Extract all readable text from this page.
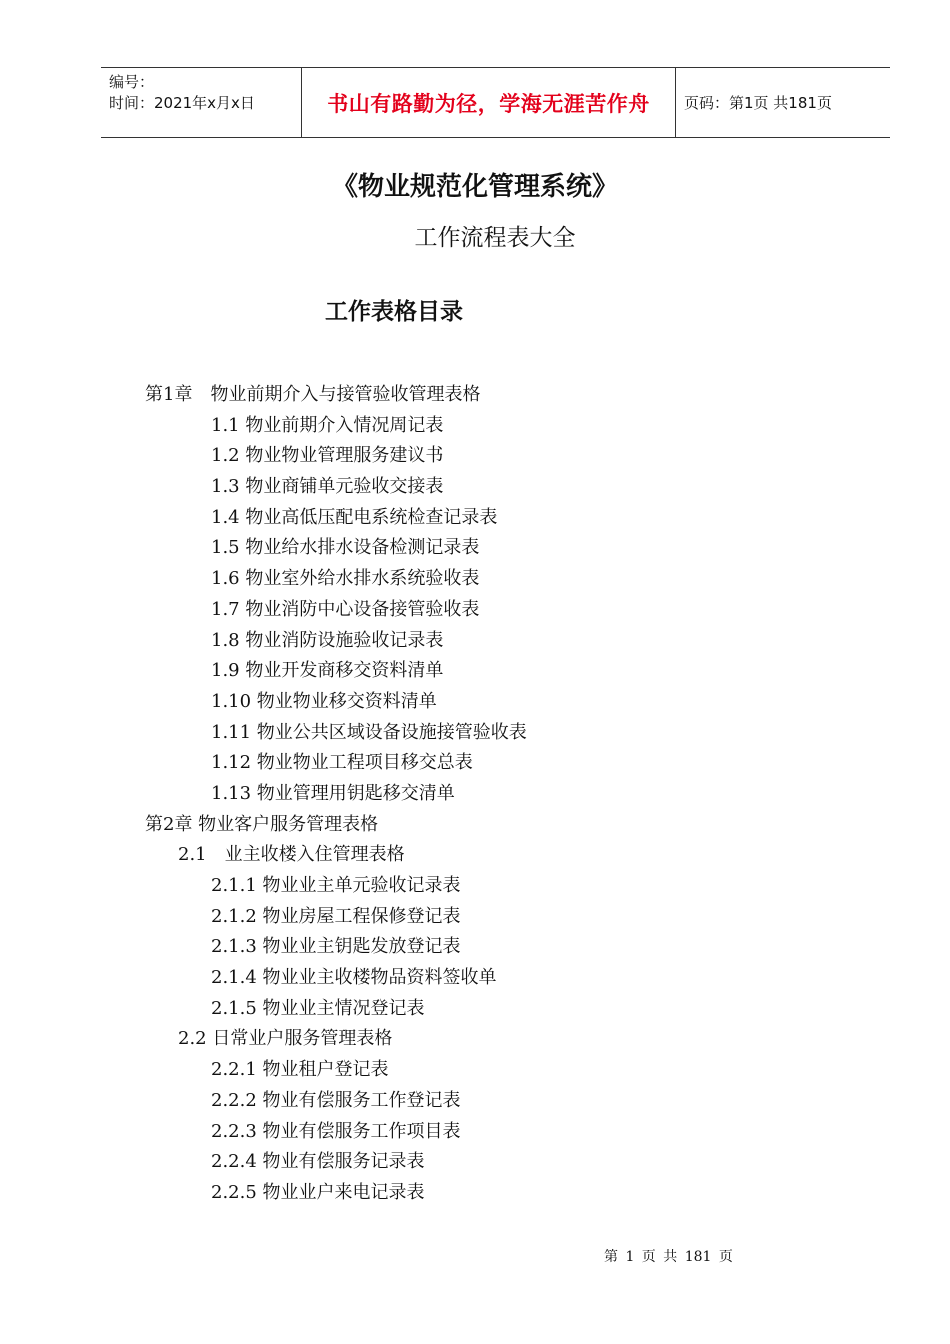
编号：
时间：2021年x月x日	书山有路勤为径，学海无涯苦作舟	页码：第1页 共181页
《物业规范化管理系统》
工作流程表大全
工作表格目录
第1章　物业前期介入与接管验收管理表格
1.1 物业前期介入情况周记表
1.2 物业物业管理服务建议书
1.3 物业商铺单元验收交接表
1.4 物业高低压配电系统检查记录表
1.5 物业给水排水设备检测记录表
1.6 物业室外给水排水系统验收表
1.7 物业消防中心设备接管验收表
1.8 物业消防设施验收记录表
1.9 物业开发商移交资料清单
1.10 物业物业移交资料清单
1.11 物业公共区域设备设施接管验收表
1.12 物业物业工程项目移交总表
1.13 物业管理用钥匙移交清单
第2章 物业客户服务管理表格
2.1　业主收楼入住管理表格
2.1.1 物业业主单元验收记录表
2.1.2 物业房屋工程保修登记表
2.1.3 物业业主钥匙发放登记表
2.1.4 物业业主收楼物品资料签收单
2.1.5 物业业主情况登记表
2.2 日常业户服务管理表格
2.2.1 物业租户登记表
2.2.2 物业有偿服务工作登记表
2.2.3 物业有偿服务工作项目表
2.2.4 物业有偿服务记录表
2.2.5 物业业户来电记录表
第 1 页 共 181 页
